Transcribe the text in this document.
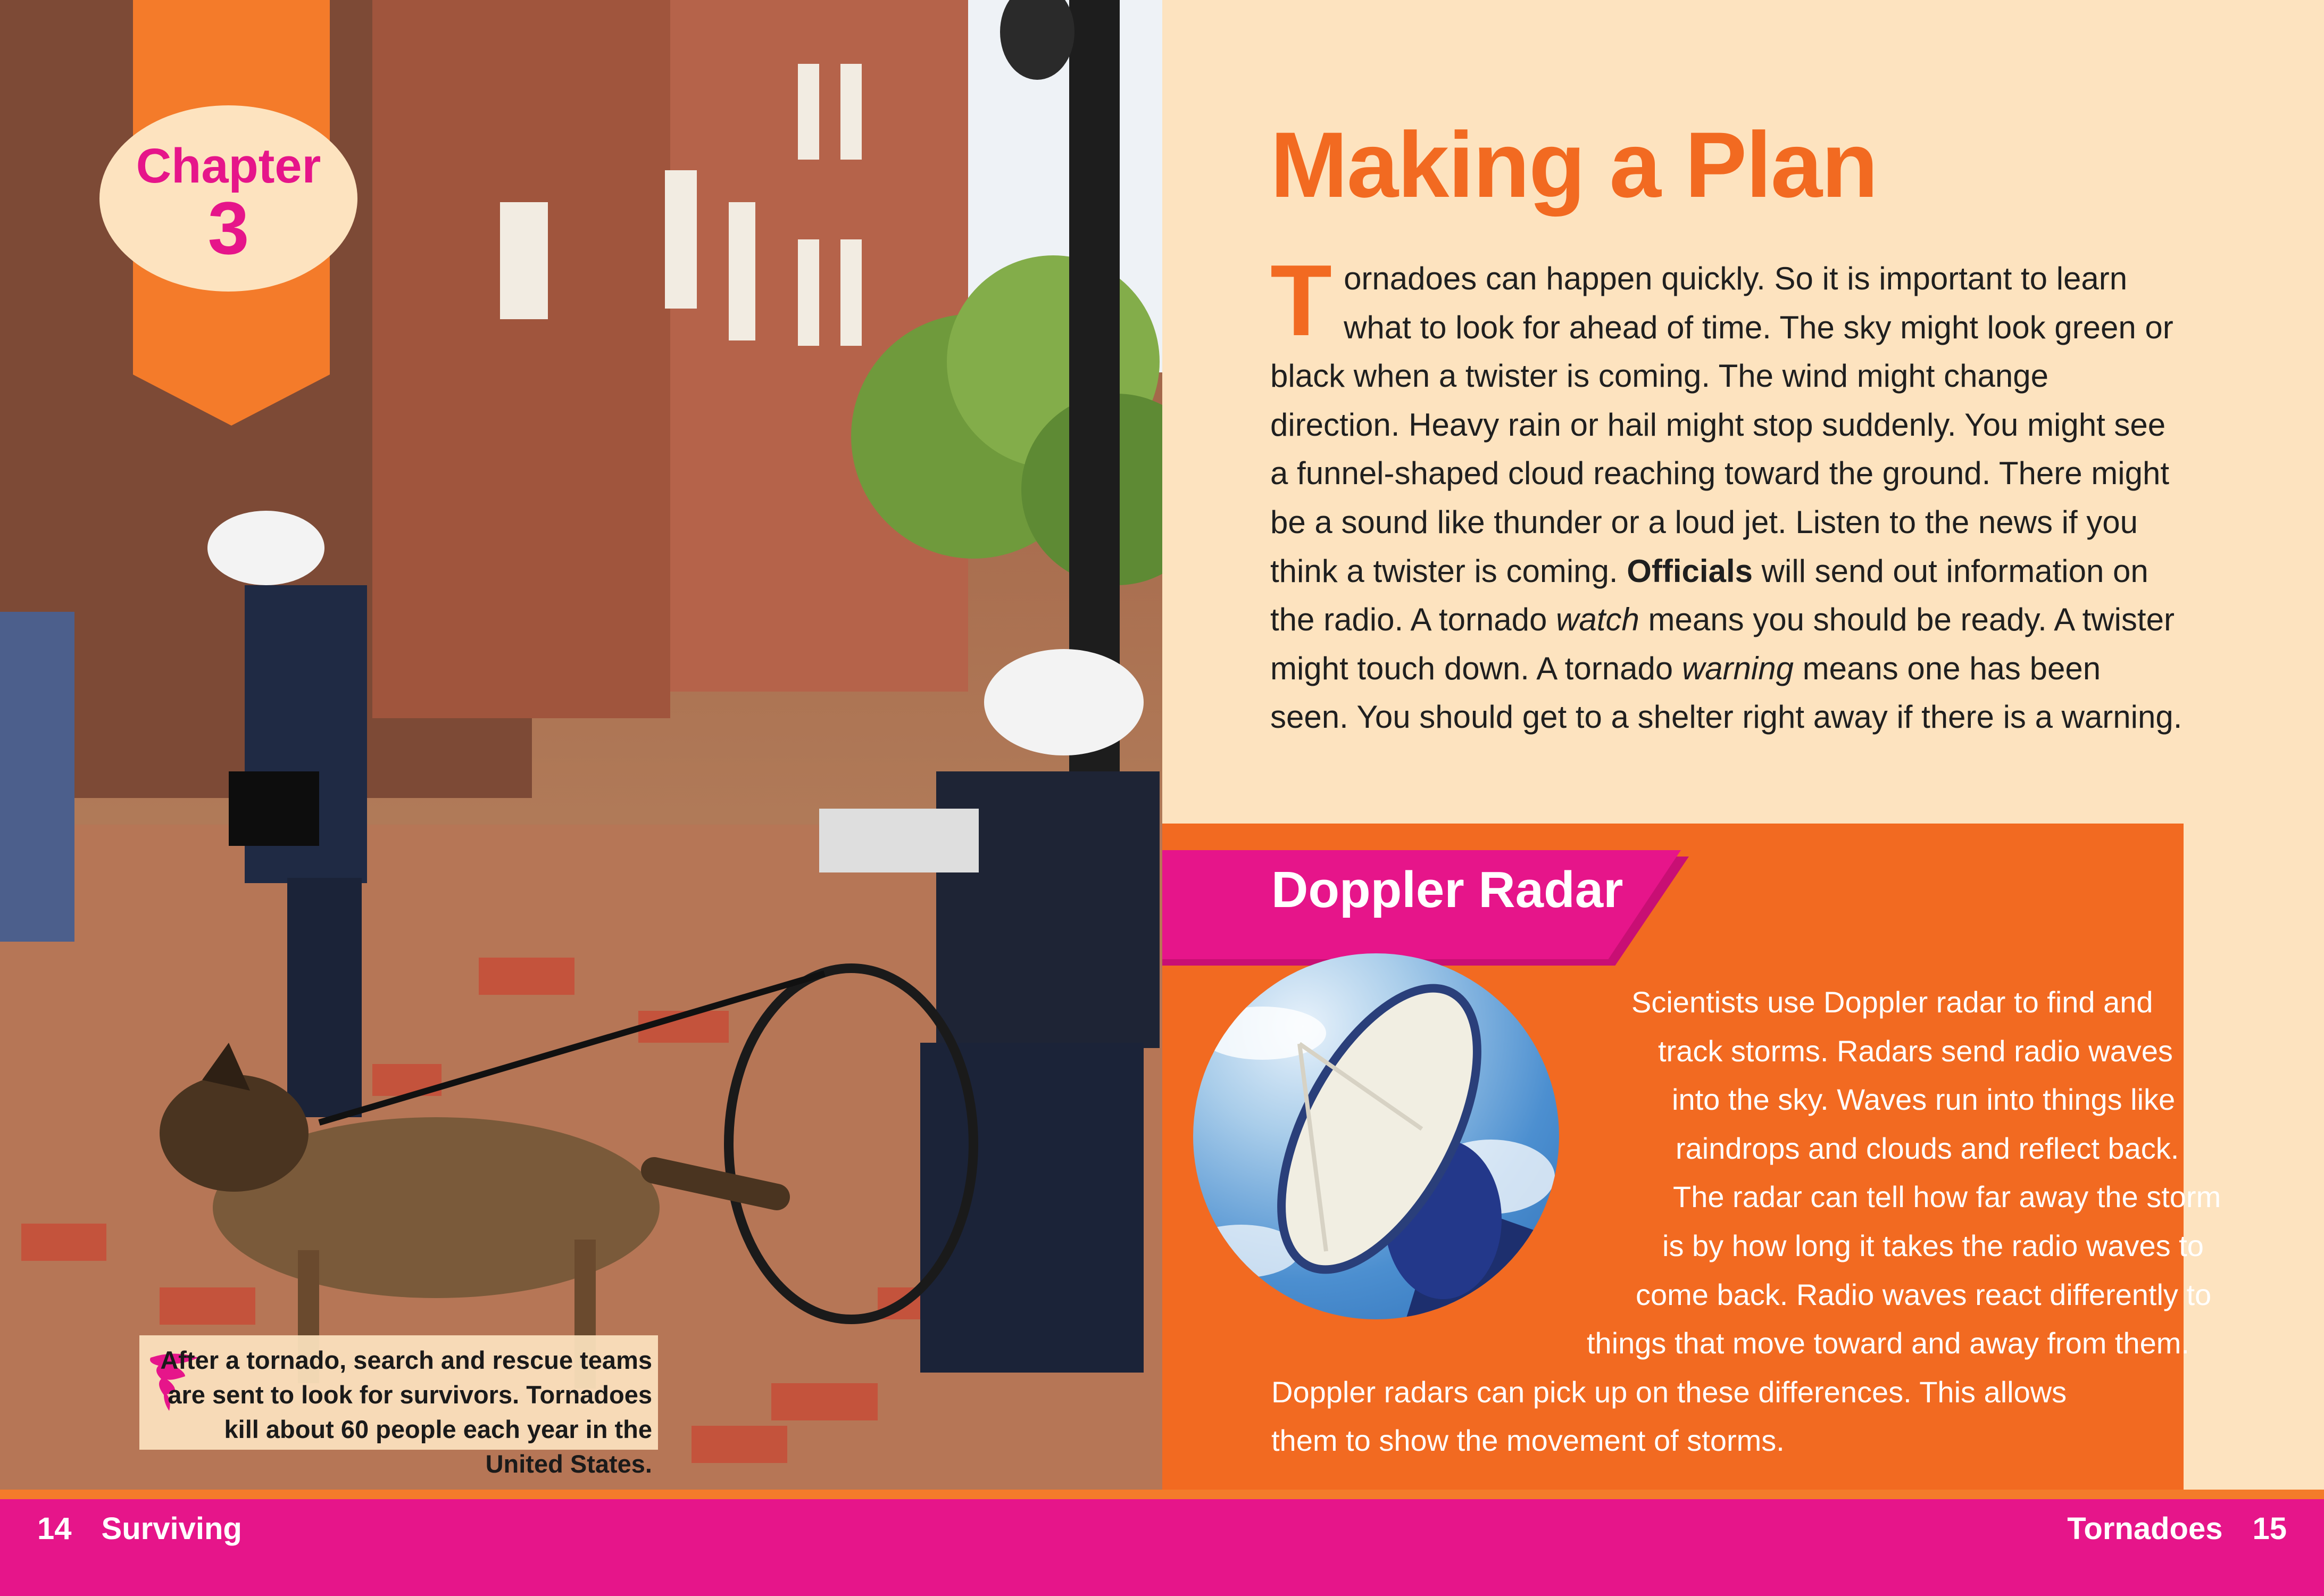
Chapter
3
After a tornado, search and rescue teams are sent to look for survivors. Tornadoes kill about 60 people each year in the United States.
Making a Plan
Tornadoes can happen quickly. So it is important to learn what to look for ahead of time. The sky might look green or black when a twister is coming. The wind might change direction. Heavy rain or hail might stop suddenly. You might see a funnel-shaped cloud reaching toward the ground. There might be a sound like thunder or a loud jet. Listen to the news if you think a twister is coming. Officials will send out information on the radio. A tornado watch means you should be ready. A twister might touch down. A tornado warning means one has been seen. You should get to a shelter right away if there is a warning.
Doppler Radar
Scientists use Doppler radar to find and
track storms. Radars send radio waves
into the sky. Waves run into things like
raindrops and clouds and reflect back.
The radar can tell how far away the storm
is by how long it takes the radio waves to
come back. Radio waves react differently to
things that move toward and away from them.
Doppler radars can pick up on these differences. This allows
them to show the movement of storms.
14 Surviving	Tornadoes 15
